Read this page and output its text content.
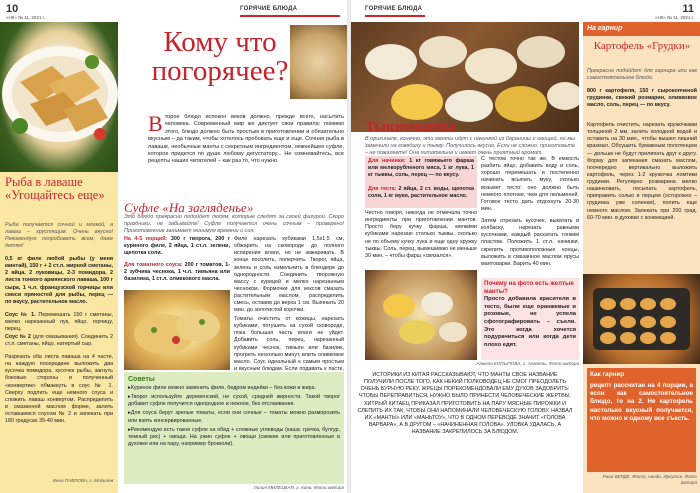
10
«НК» № 11, 2021 г.
ГОРЯЧИЕ БЛЮДА
Кому что погорячее?
В торое блюдо испокон веков должно, прежде всего, насытить человека. Современный мир же диктует свои правила: помимо этого, блюдо должно быть простым в приготовлении и обязательно вкусным – да таким, чтобы хотелось пробовать еще и еще. Сочная рыба в лаваше, необычные манты с секретным ингредиентом, нежнейшее суфле, которое придется по душе любому дегустатору... Не сомневайтесь, все рецепты наших читателей – как раз то, что нужно.
Рыба в лаваше «Угощайтесь еще»
Рыба получается сочной и мягкой, а лаваш – хрустящим. Очень вкусно! Рекомендую попробовать всем, даже детям!
0,5 кг филе любой рыбы (у меня минтай), 150 г + 2 ст.л. жирной сметаны, 2 яйца, 2 луковицы, 2-3 помидора, 2 листа тонкого армянского лаваша, 100 г сыра, 1 ч.л. французской горчицы или смеси пряностей для рыбы, перец — по вкусу, растительное масло.
Соус № 1. Перемешать 150 г сметаны, мелко нарезанный лук, яйцо, горчицу, перец.
Соус № 2 (для смазывания). Соединить 2 ст.л. сметаны, яйцо, натертый сыр.
Разрезать оба листа лаваша на 4 части, на каждую посередине выложить два кусочка помидора, кусочек рыбы, загнуть боковые стороны и полученный «конвертик» обмакнуть в соус № 1. Сверху подлить еще немного соуса и сложить лаваш конвертом. Распределить в смазанной маслом форме, залить оставшимся соусом № 2 и запекать при 180 градусах 35-40 мин.
Инна ПАВЛОВА, г. Могилев
Суфле «На загляденье»
Это блюдо прекрасно подойдет людям, которые следят за своей фигурой. Скоро праздники, не забывайте! Суфле получается очень сочным – проверено! Приготовление занимает минимум времени и сил.
На 4-5 порций: 300 г творога, 200 г куриного филе, 2 яйца, 1 ст.л. зелени, щепотка соли.
Для томатного соуса: 200 г томатов, 1-2 зубчика чеснока, 1 ч.л. тимьяна или базилика, 1 ст.л. оливкового масла.
Филе нарезать кубиками 1,5х1,5 см, обжарить на сковороде до полного испарения влаги, но не зажаривать. В конце посолить, поперчить. Творог, яйца, зелень и соль измельчить в блендере до однородности. Соединить творожную массу с курицей и мелко нарезанным чесноком. Формочки для кексов смазать растительным маслом, распределить смесь, оставив до верха 1 см. Выпекать 20 мин. до золотистой корочки.
Томаты очистить от кожицы, нарезать кубиками, потушить на сухой сковороде, пока большая часть влаги не уйдет. Добавить соль, перец, нарезанный кубиками чеснок, тимьян или базилик, прогреть несколько минут, влить оливковое масло. Соус идеальный к самым простым и вкусным блюдам. Если подавать к пасте,
Советы

▸Куриное филе можно заменить филе, бедром индейки – без кожи и жира.

▸Творог используйте деревенский, не сухой, средней жирности. Такой творог добавит суфле получится однородное и нежное, без отслаивания.

▸Для соуса берут зрелые томаты, если они сочные – томаты можно разморозить или взять консервированные.

▸Рекомендую есть такое суфле на обед + сложные углеводы (каша: гречка, булгур, темный рис) + овощи. На ужин суфле + овощи (свежие или приготовленные в духовке или на пару, например брокколи).

Лилия МИЛЕЦКАЯ, г. Киев. Фото автора
11
«НК» № 11, 2021 г.
ГОРЯЧИЕ БЛЮДА
Тыквоманты
В оригинале, конечно, эти манты идут с начинкой из баранины и овощей, но мы заменили на говядину и тыкву. Получилось вкусно. Если не сложно, приготовьте – не пожалеете! Она питательна и имеет очень приятный аромат.
Для начинки: 1 кг говяжьего фарша или мелкорубленого мяса, 1 кг лука, 1 кг тыквы, соль, перец — по вкусу.
Для теста: 2 яйца, 2 ст. воды, щепотка соли, 1 кг муки, растительное масло.
Честно говоря, никогда не отмечала точно ингредиенты при приготовлении мантов. Просто беру кучку фарша, мелкими кубиками нарезаю столько тыквы, сколько не по объему кучку лука и еще одну кружку тыквы. Соль, перец, вымешиваю не меньше 30 мин. – чтобы фарш «связался».
С тестом точно так же. В емкость разбить яйцо, добавить воду и соль, хорошо перемешать и постепенно начинать всыпать муку, сколько возьмет тесто: оно должно быть немного плотнее, чем для пельменей. Готовое тесто дать отдохнуть 20-30 мин.
Затем отрезать кусочек, выкатать в колбаску, нарезать равными кусочками, каждый раскатать тонким пластом. Положить 1 ст.л. начинки, скрепить противоположные концы, выложить в смазанное маслом ярусы мантоварки. Варить 40 мин.
Почему на фото есть желтые манты?
Просто добавила красителя в тесто, были еще оранжевые и розовые, не успела сфотографировать – съели. Это когда хочется подурачиться или когда дети плохо едят.
Анжела КОПЫЛОВА, г. Алматы. Фото автора
ИСТОРИКИ ИЗ КИТАЯ РАССКАЗЫВАЮТ, ЧТО МАНТЫ СВОЕ НАЗВАНИЕ ПОЛУЧИЛИ ПОСЛЕ ТОГО, КАК НЕКИЙ ПОЛКОВОДЕЦ НЕ СМОГ ПРЕОДОЛЕТЬ ОЧЕНЬ БУРНУЮ РЕКУ. ЖРЕЦЫ ПОРЕКОМЕНДОВАЛИ ЕМУ ДУХОВ ЗАДОБРИТЬ: ЧТОБЫ ПЕРЕПРАВИТЬСЯ, НУЖНО БЫЛО ПРИНЕСТИ ЧЕЛОВЕЧЕСКИЕ ЖЕРТВЫ. ХИТРЫЙ КИТАЕЦ ПРИКАЗАЛ ПРИГОТОВИТЬ НА ПАРУ МЯСНЫЕ ПИРОЖКИ И СЛЕПИТЬ ИХ ТАК, ЧТОБЫ ОНИ НАПОМИНАЛИ ЧЕЛОВЕЧЕСКУЮ ГОЛОВУ. НАЗВАЛ ИХ «МАНТЫ» ИЛИ «МАНЬТОУ», ЧТО В ОДНОМ ПЕРЕВОДЕ ЗНАЧИТ «ГОЛОВА ВАРВАРА», А В ДРУГОМ – «НАЧИНЕННАЯ ГОЛОВА». УЛОВКА УДАЛАСЬ, А НАЗВАНИЕ ЗАКРЕПИЛОСЬ ЗА БЛЮДОМ.
На гарнир
Картофель «Грудки»
Прекрасно подойдет для гарнира или как самостоятельное блюдо.
800 г картофеля, 150 г сырокопченой грудинки, свежий розмарин, оливковое масло, соль, перец — по вкусу.
Картофель очистить, нарезать кружочками толщиной 2 мм, залить холодной водой и оставить на 30 мин., чтобы вышел лишний крахмал. Обсушить бумажным полотенцем — дольше не будут прилипать друг к другу. Форму для запекания смазать маслом, поочередно вертикально выложить картофель, через 1-2 кружочка ломтики грудинки. Регулярно розмарина мелко нашинковать, посыпать картофель, приправить солью и перцем (осторожно – грудинка уже соленая), полить еще немного маслом. Запекать при 200 град. 60-70 мин. в духовке с конвекцией.
Как гарнир
рецепт рассчитан на 4 порции, а если как самостоятельное блюдо, то на 2. Не картофель настолько вкусный получается, что можно и одному все съесть.
Рина ВЕРДЕ, Ятта_нандо, Иркутск. Фото автора
